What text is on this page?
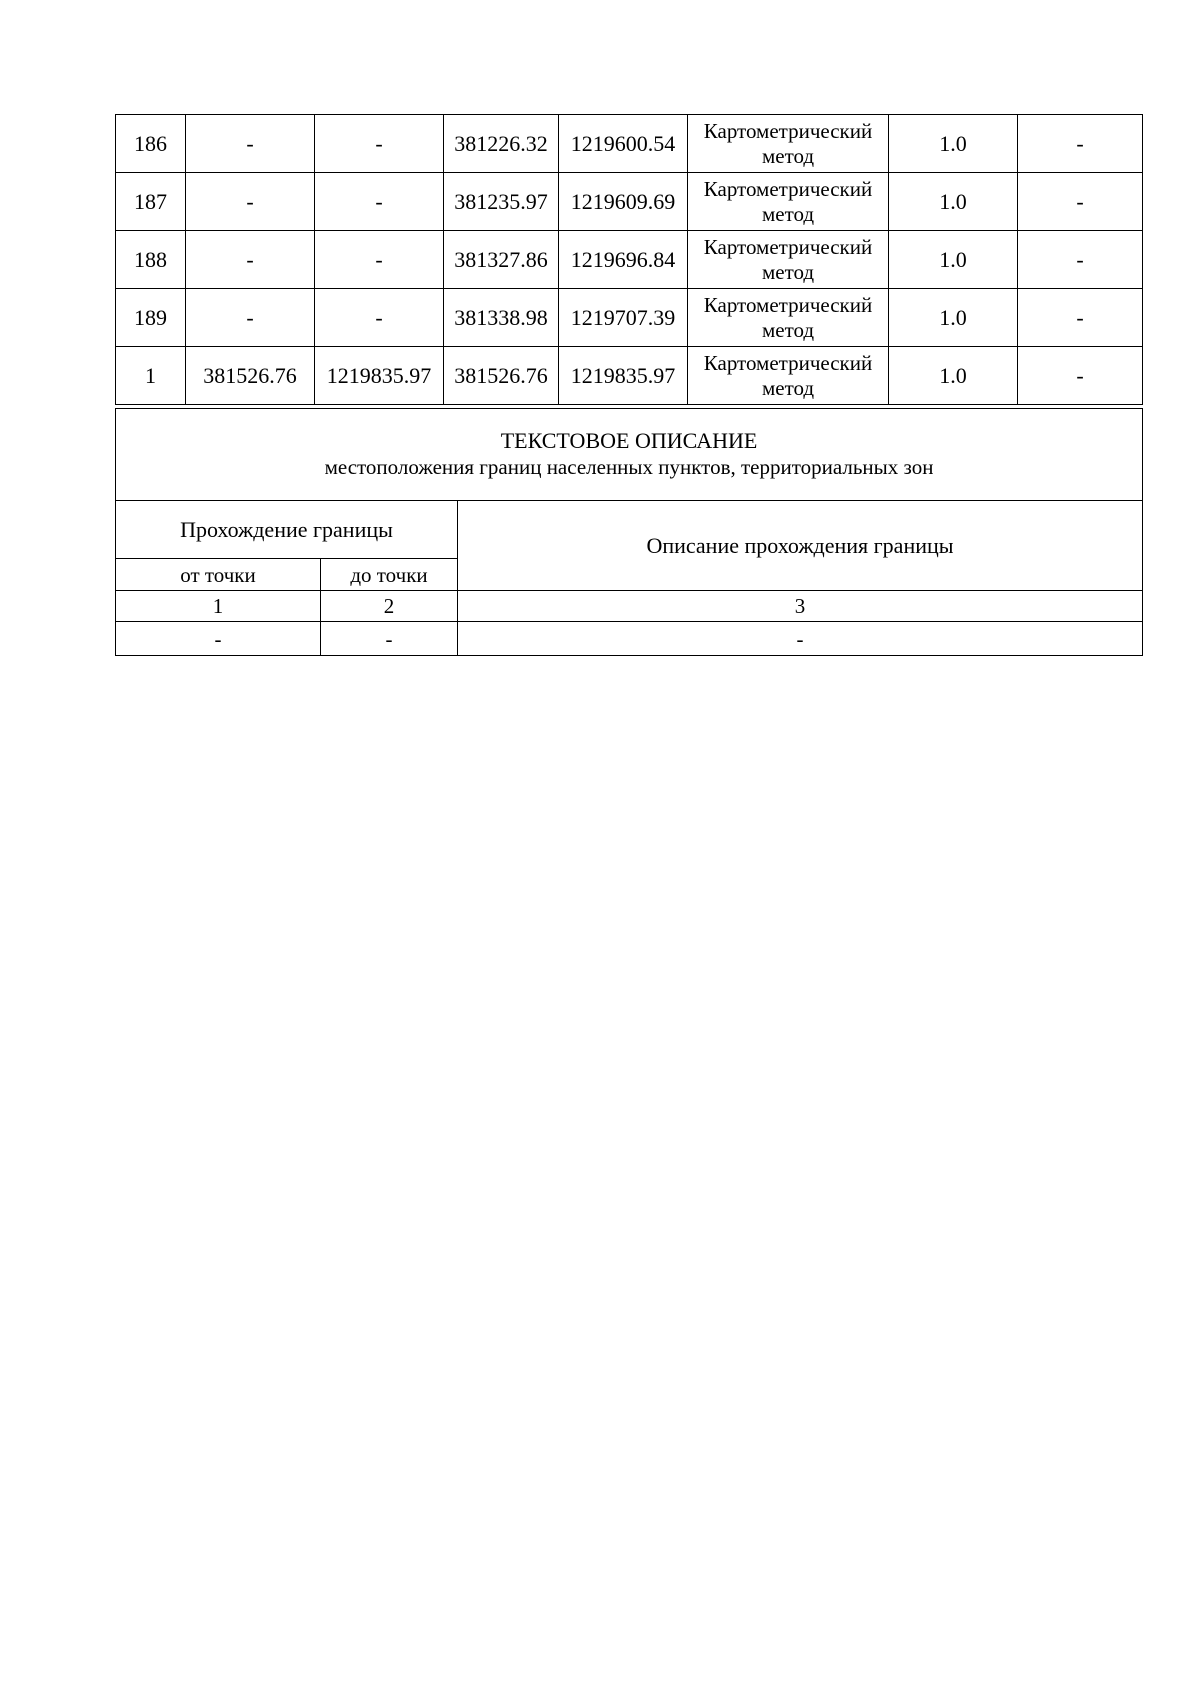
186	-	-	381226.32	1219600.54	Картометрический метод	1.0	-
187	-	-	381235.97	1219609.69	Картометрический метод	1.0	-
188	-	-	381327.86	1219696.84	Картометрический метод	1.0	-
189	-	-	381338.98	1219707.39	Картометрический метод	1.0	-
1	381526.76	1219835.97	381526.76	1219835.97	Картометрический метод	1.0	-
ТЕКСТОВОЕ ОПИСАНИЕ
местоположения границ населенных пунктов, территориальных зон		

Прохождение границы		Описание прохождения границы
от точки	до точки	
1	2	3
-	-	-
